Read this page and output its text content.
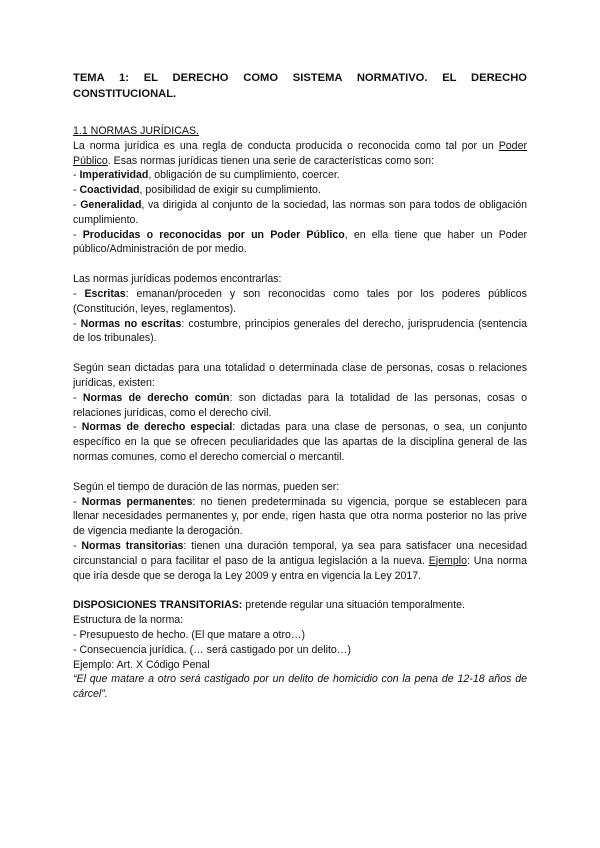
TEMA 1: EL DERECHO COMO SISTEMA NORMATIVO. EL DERECHO CONSTITUCIONAL.

1.1 NORMAS JURÍDICAS.

La norma jurídica es una regla de conducta producida o reconocida como tal por un Poder Público. Esas normas jurídicas tienen una serie de características como son:

- Imperatividad, obligación de su cumplimiento, coercer.

- Coactividad, posibilidad de exigir su cumplimiento.

- Generalidad, va dirigida al conjunto de la sociedad, las normas son para todos de obligación cumplimiento.

- Producidas o reconocidas por un Poder Público, en ella tiene que haber un Poder público/Administración de por medio.

Las normas jurídicas podemos encontrarlas:

- Escritas: emanan/proceden y son reconocidas como tales por los poderes públicos (Constitución, leyes, reglamentos).

- Normas no escritas: costumbre, principios generales del derecho, jurisprudencia (sentencia de los tribunales).

Según sean dictadas para una totalidad o determinada clase de personas, cosas o relaciones jurídicas, existen:

- Normas de derecho común: son dictadas para la totalidad de las personas, cosas o relaciones jurídicas, como el derecho civil.

- Normas de derecho especial: dictadas para una clase de personas, o sea, un conjunto específico en la que se ofrecen peculiaridades que las apartas de la disciplina general de las normas comunes, como el derecho comercial o mercantil.

Según el tiempo de duración de las normas, pueden ser:

- Normas permanentes: no tienen predeterminada su vigencia, porque se establecen para llenar necesidades permanentes y, por ende, rigen hasta que otra norma posterior no las prive de vigencia mediante la derogación.

- Normas transitorias: tienen una duración temporal, ya sea para satisfacer una necesidad circunstancial o para facilitar el paso de la antigua legislación a la nueva. Ejemplo: Una norma que iría desde que se deroga la Ley 2009 y entra en vigencia la Ley 2017.

DISPOSICIONES TRANSITORIAS: pretende regular una situación temporalmente.

Estructura de la norma:

- Presupuesto de hecho. (El que matare a otro…)

- Consecuencia jurídica. (… será castigado por un delito…)

Ejemplo: Art. X Código Penal

“El que matare a otro será castigado por un delito de homicidio con la pena de 12-18 años de cárcel”.
